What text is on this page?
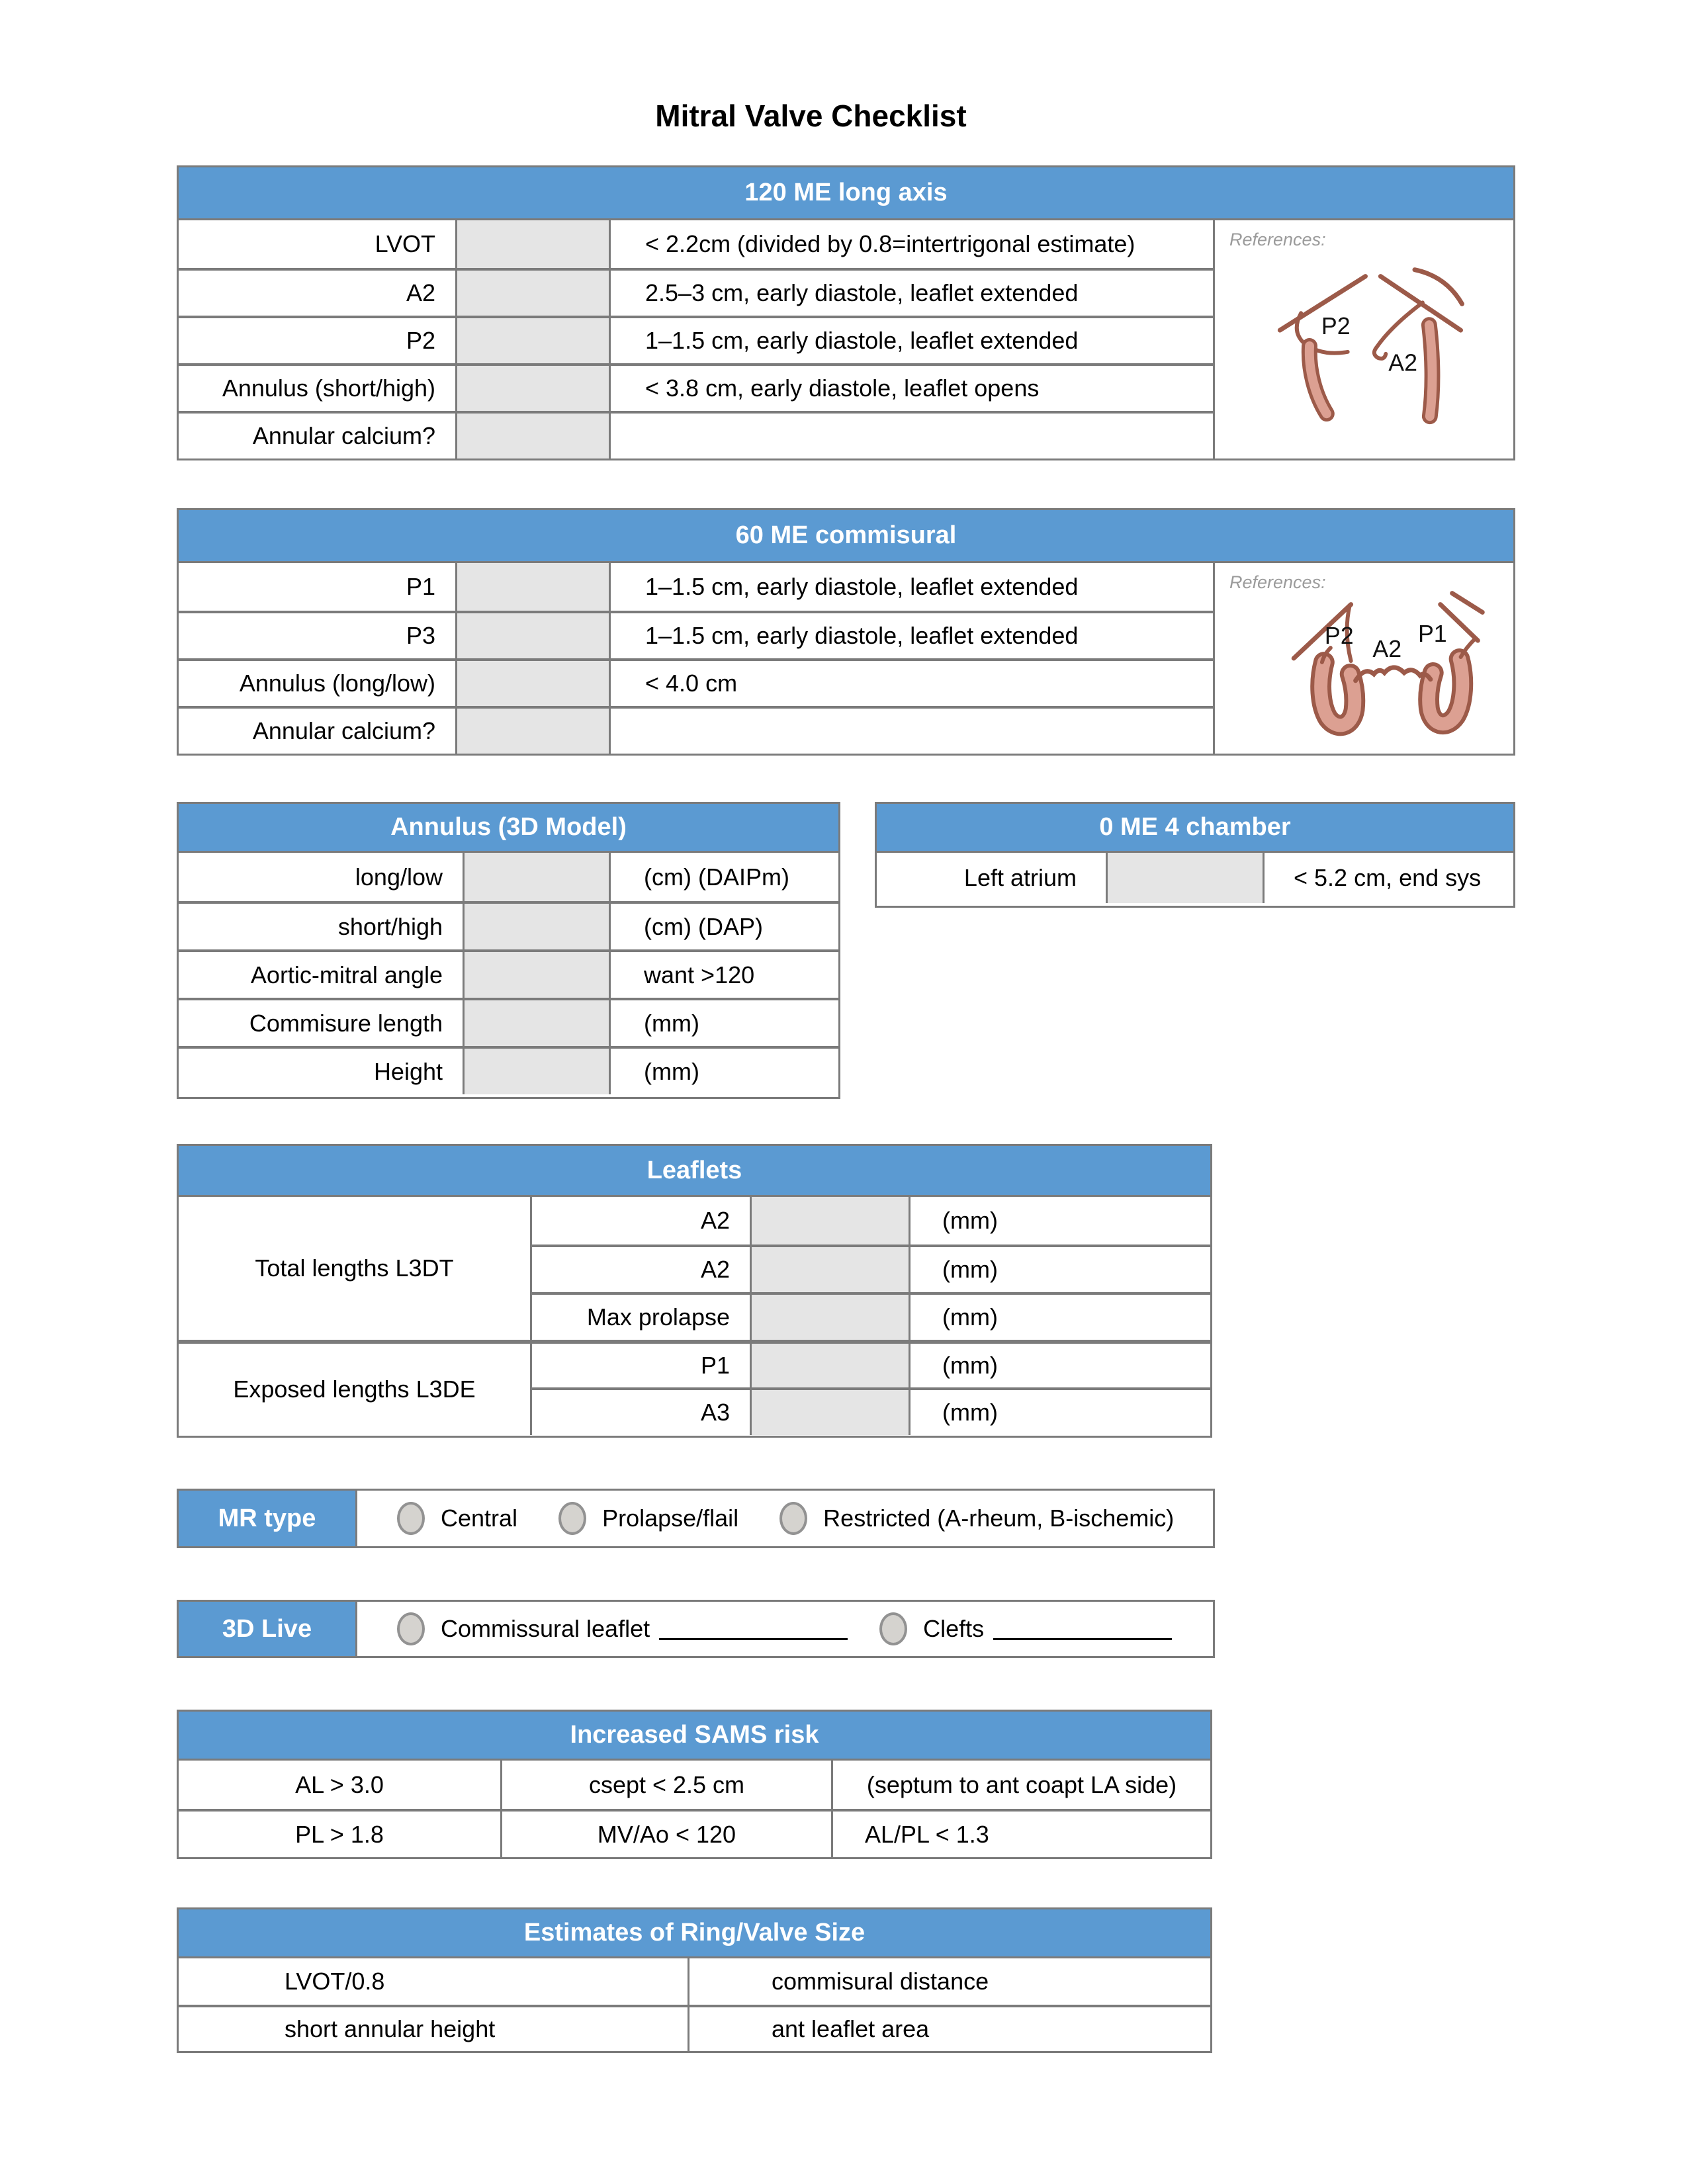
Mitral Valve Checklist
120 ME long axis
LVOT	< 2.2cm (divided by 0.8=intertrigonal estimate)	References:
P2
A2
A2	2.5–3 cm, early diastole, leaflet extended
P2	1–1.5 cm, early diastole, leaflet extended
Annulus (short/high)	< 3.8 cm, early diastole, leaflet opens
Annular calcium?
60 ME commisural
P1	1–1.5 cm, early diastole, leaflet extended	References:
P2 A2
P1
P3	1–1.5 cm, early diastole, leaflet extended
Annulus (long/low)	< 4.0 cm
Annular calcium?
Annulus (3D Model)
long/low	(cm) (DAIPm)
short/high	(cm) (DAP)
Aortic-mitral angle	want >120
Commisure length	(mm)
Height	(mm)
0 ME 4 chamber
Left atrium	< 5.2 cm, end sys
Leaflets
Total lengths L3DT
A2	(mm)
A2	(mm)
Max prolapse	(mm)
Exposed lengths L3DE
P1	(mm)
A3	(mm)
MR type	Central	Prolapse/flail	Restricted (A-rheum, B-ischemic)
3D Live	Commissural leaflet	Clefts
Increased SAMS risk
AL > 3.0	csept < 2.5 cm	(septum to ant coapt LA side)
PL > 1.8	MV/Ao < 120	AL/PL < 1.3
Estimates of Ring/Valve Size
LVOT/0.8	commisural distance
short annular height	ant leaflet area
